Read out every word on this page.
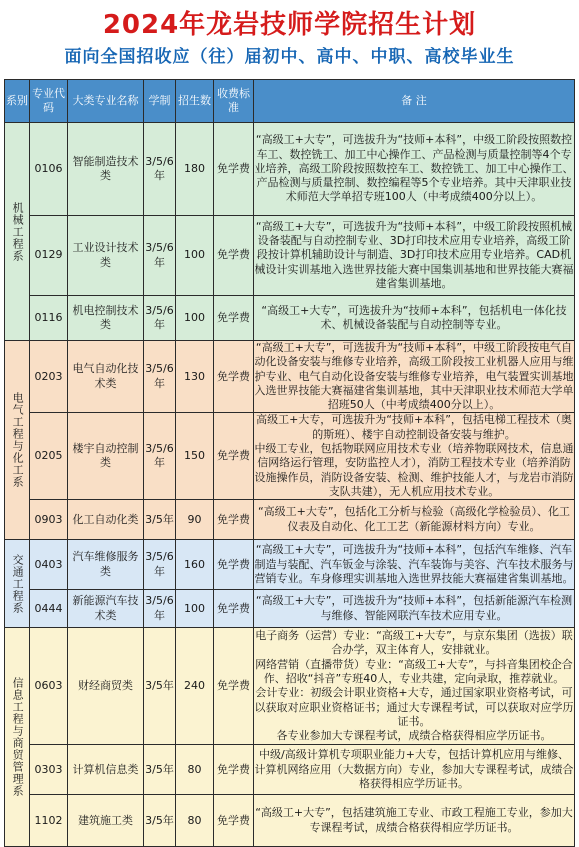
2024年龙岩技师学院招生计划
面向全国招收应（往）届初中、高中、中职、高校毕业生
系别	专业代码	大类专业名称	学制	招生数	收费标准	备 注
机械工程系	0106	智能制造技术类	3/5/6年	180	免学费	“高级工+大专”，可选拔升为“技师+本科”，中级工阶段按照数控车工、数控铣工、加工中心操作工、产品检测与质量控制等4个专业培养，高级工阶段按照数控车工、数控铣工、加工中心操作工、产品检测与质量控制、数控编程等5个专业培养。其中天津职业技术师范大学单招专班100人（中考成绩400分以上）。
	0129	工业设计技术类	3/5/6年	100	免学费	“高级工+大专”，可选拔升为“技师+本科”，中级工阶段按照机械设备装配与自动控制专业、3D打印技术应用专业培养，高级工阶段按计算机辅助设计与制造、3D打印技术应用专业培养。CAD机械设计实训基地入选世界技能大赛中国集训基地和世界技能大赛福建省集训基地。
	0116	机电控制技术类	3/5/6年	100	免学费	“高级工+大专”，可选拔升为“技师+本科”，包括机电一体化技术、机械设备装配与自动控制等专业。
电气工程与化工系	0203	电气自动化技术类	3/5/6年	130	免学费	“高级工+大专”，可选拔升为“技师+本科”，中级工阶段按电气自动化设备安装与维修专业培养，高级工阶段按工业机器人应用与维护专业、电气自动化设备安装与维修专业培养，电气装置实训基地入选世界技能大赛福建省集训基地，其中天津职业技术师范大学单招班50人（中考成绩400分以上）。
	0205	楼宇自动控制类	3/5/6年	150	免学费	高级工+大专，可选拔升为“技师+本科”，包括电梯工程技术（奥的斯班）、楼宇自动控制设备安装与维护。
中级工专业，包括物联网应用技术专业（培养物联网技术，信息通信网络运行管理，安防监控人才），消防工程技术专业（培养消防设施操作员，消防设备安装、检测、维护技能人才，与龙岩市消防支队共建），无人机应用技术专业。
	0903	化工自动化类	3/5年	90	免学费	“高级工+大专”，包括化工分析与检验（高级化学检验员）、化工仪表及自动化、化工工艺（新能源材料方向）专业。
交通工程系	0403	汽车维修服务类	3/5/6年	160	免学费	“高级工+大专”，可选拔升为“技师+本科”，包括汽车维修、汽车制造与装配、汽车钣金与涂装、汽车装饰与美容、汽车技术服务与营销专业。车身修理实训基地入选世界技能大赛福建省集训基地。
	0444	新能源汽车技术类	3/5/6年	100	免学费	“高级工+大专”，可选拔升为“技师+本科”，包括新能源汽车检测与维修、智能网联汽车技术应用专业。
信息工程与商贸管理系	0603	财经商贸类	3/5年	240	免学费	电子商务（运营）专业：“高级工+大专”，与京东集团（选拔）联合办学，双主体育人，安排就业。
网络营销（直播带货）专业：“高级工+大专”，与抖音集团校企合作、招收“抖音”专班40人，专业共建，定向录取，推荐就业。
会计专业：初级会计职业资格+大专，通过国家职业资格考试，可以获取对应职业资格证书；通过大专课程考试，可以获取对应学历证书。
各专业参加大专课程考试，成绩合格获得相应学历证书。
	0303	计算机信息类	3/5年	80	免学费	中级/高级计算机专项职业能力+大专，包括计算机应用与维修、计算机网络应用（大数据方向）专业，参加大专课程考试，成绩合格获得相应学历证书。
	1102	建筑施工类	3/5年	80	免学费	“高级工+大专”，包括建筑施工专业、市政工程施工专业，参加大专课程考试，成绩合格获得相应学历证书。
